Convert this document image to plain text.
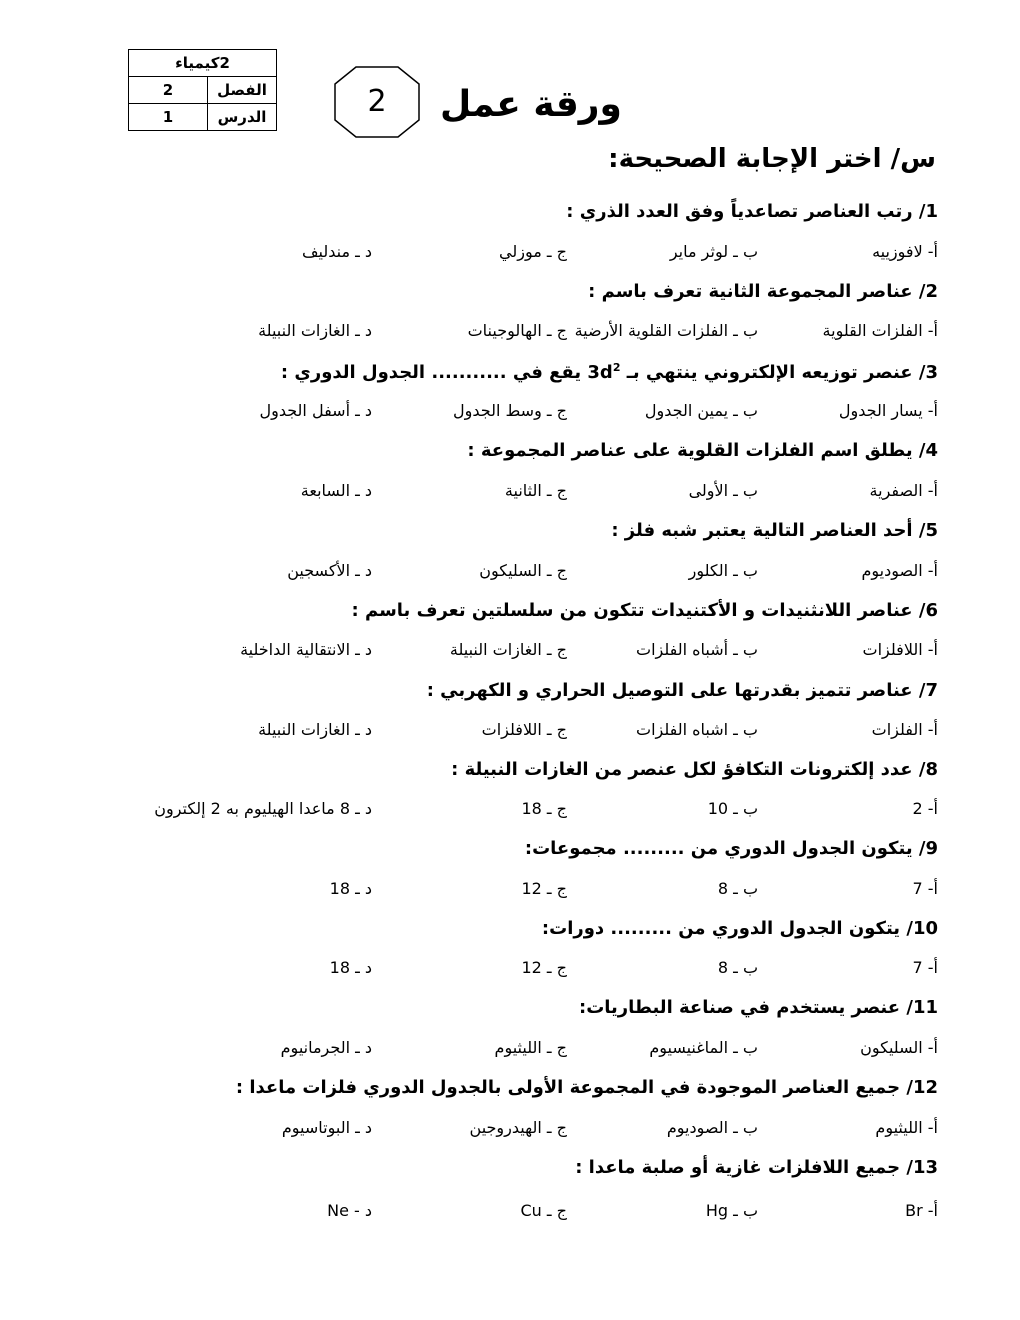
2كيمياء	
الفصل	2
الدرس	1	2	ورقة عمل
س/ اختر الإجابة الصحيحة:
1/ رتب العناصر تصاعدياً وفق العدد الذري :
أ- لافوزييه
ب ـ لوثر ماير
ج ـ موزلي
د ـ مندليف
2/ عناصر المجموعة الثانية تعرف باسم :
أ- الفلزات القلوية
ب ـ الفلزات القلوية الأرضية
ج ـ الهالوجينات
د ـ الغازات النبيلة
3/ عنصر توزيعه الإلكتروني ينتهي بـ $3d^2$ يقع في ........... الجدول الدوري :
أ- يسار الجدول
ب ـ يمين الجدول
ج ـ وسط الجدول
د ـ أسفل الجدول
4/ يطلق اسم الفلزات القلوية على عناصر المجموعة :
أ- الصفرية
ب ـ الأولى
ج ـ الثانية
د ـ السابعة
5/ أحد العناصر التالية يعتبر شبه فلز :
أ- الصوديوم
ب ـ الكلور
ج ـ السليكون
د ـ الأكسجين
6/ عناصر اللانثنيدات و الأكتنيدات تتكون من سلسلتين تعرف باسم :
أ- اللافلزات
ب ـ أشباه الفلزات
ج ـ الغازات النبيلة
د ـ الانتقالية الداخلية
7/ عناصر تتميز بقدرتها على التوصيل الحراري و الكهربي :
أ- الفلزات
ب ـ اشباه الفلزات
ج ـ اللافلزات
د ـ الغازات النبيلة
8/ عدد إلكترونات التكافؤ لكل عنصر من الغازات النبيلة :
أ- 2
ب ـ 10
ج ـ 18
د ـ 8 ماعدا الهيليوم به 2 إلكترون
9/ يتكون الجدول الدوري من ......... مجموعات:
أ- 7
ب ـ 8
ج ـ 12
د ـ 18
10/ يتكون الجدول الدوري من ......... دورات:
أ- 7
ب ـ 8
ج ـ 12
د ـ 18
11/ عنصر يستخدم في صناعة البطاريات:
أ- السليكون
ب ـ الماغنيسيوم
ج ـ الليثيوم
د ـ الجرمانيوم
12/ جميع العناصر الموجودة في المجموعة الأولى بالجدول الدوري فلزات ماعدا :
أ- الليثيوم
ب ـ الصوديوم
ج ـ الهيدروجين
د ـ البوتاسيوم
13/ جميع اللافلزات غازية أو صلبة ماعدا :
أ- Br
ب ـ Hg
ج ـ Cu
د - Ne
